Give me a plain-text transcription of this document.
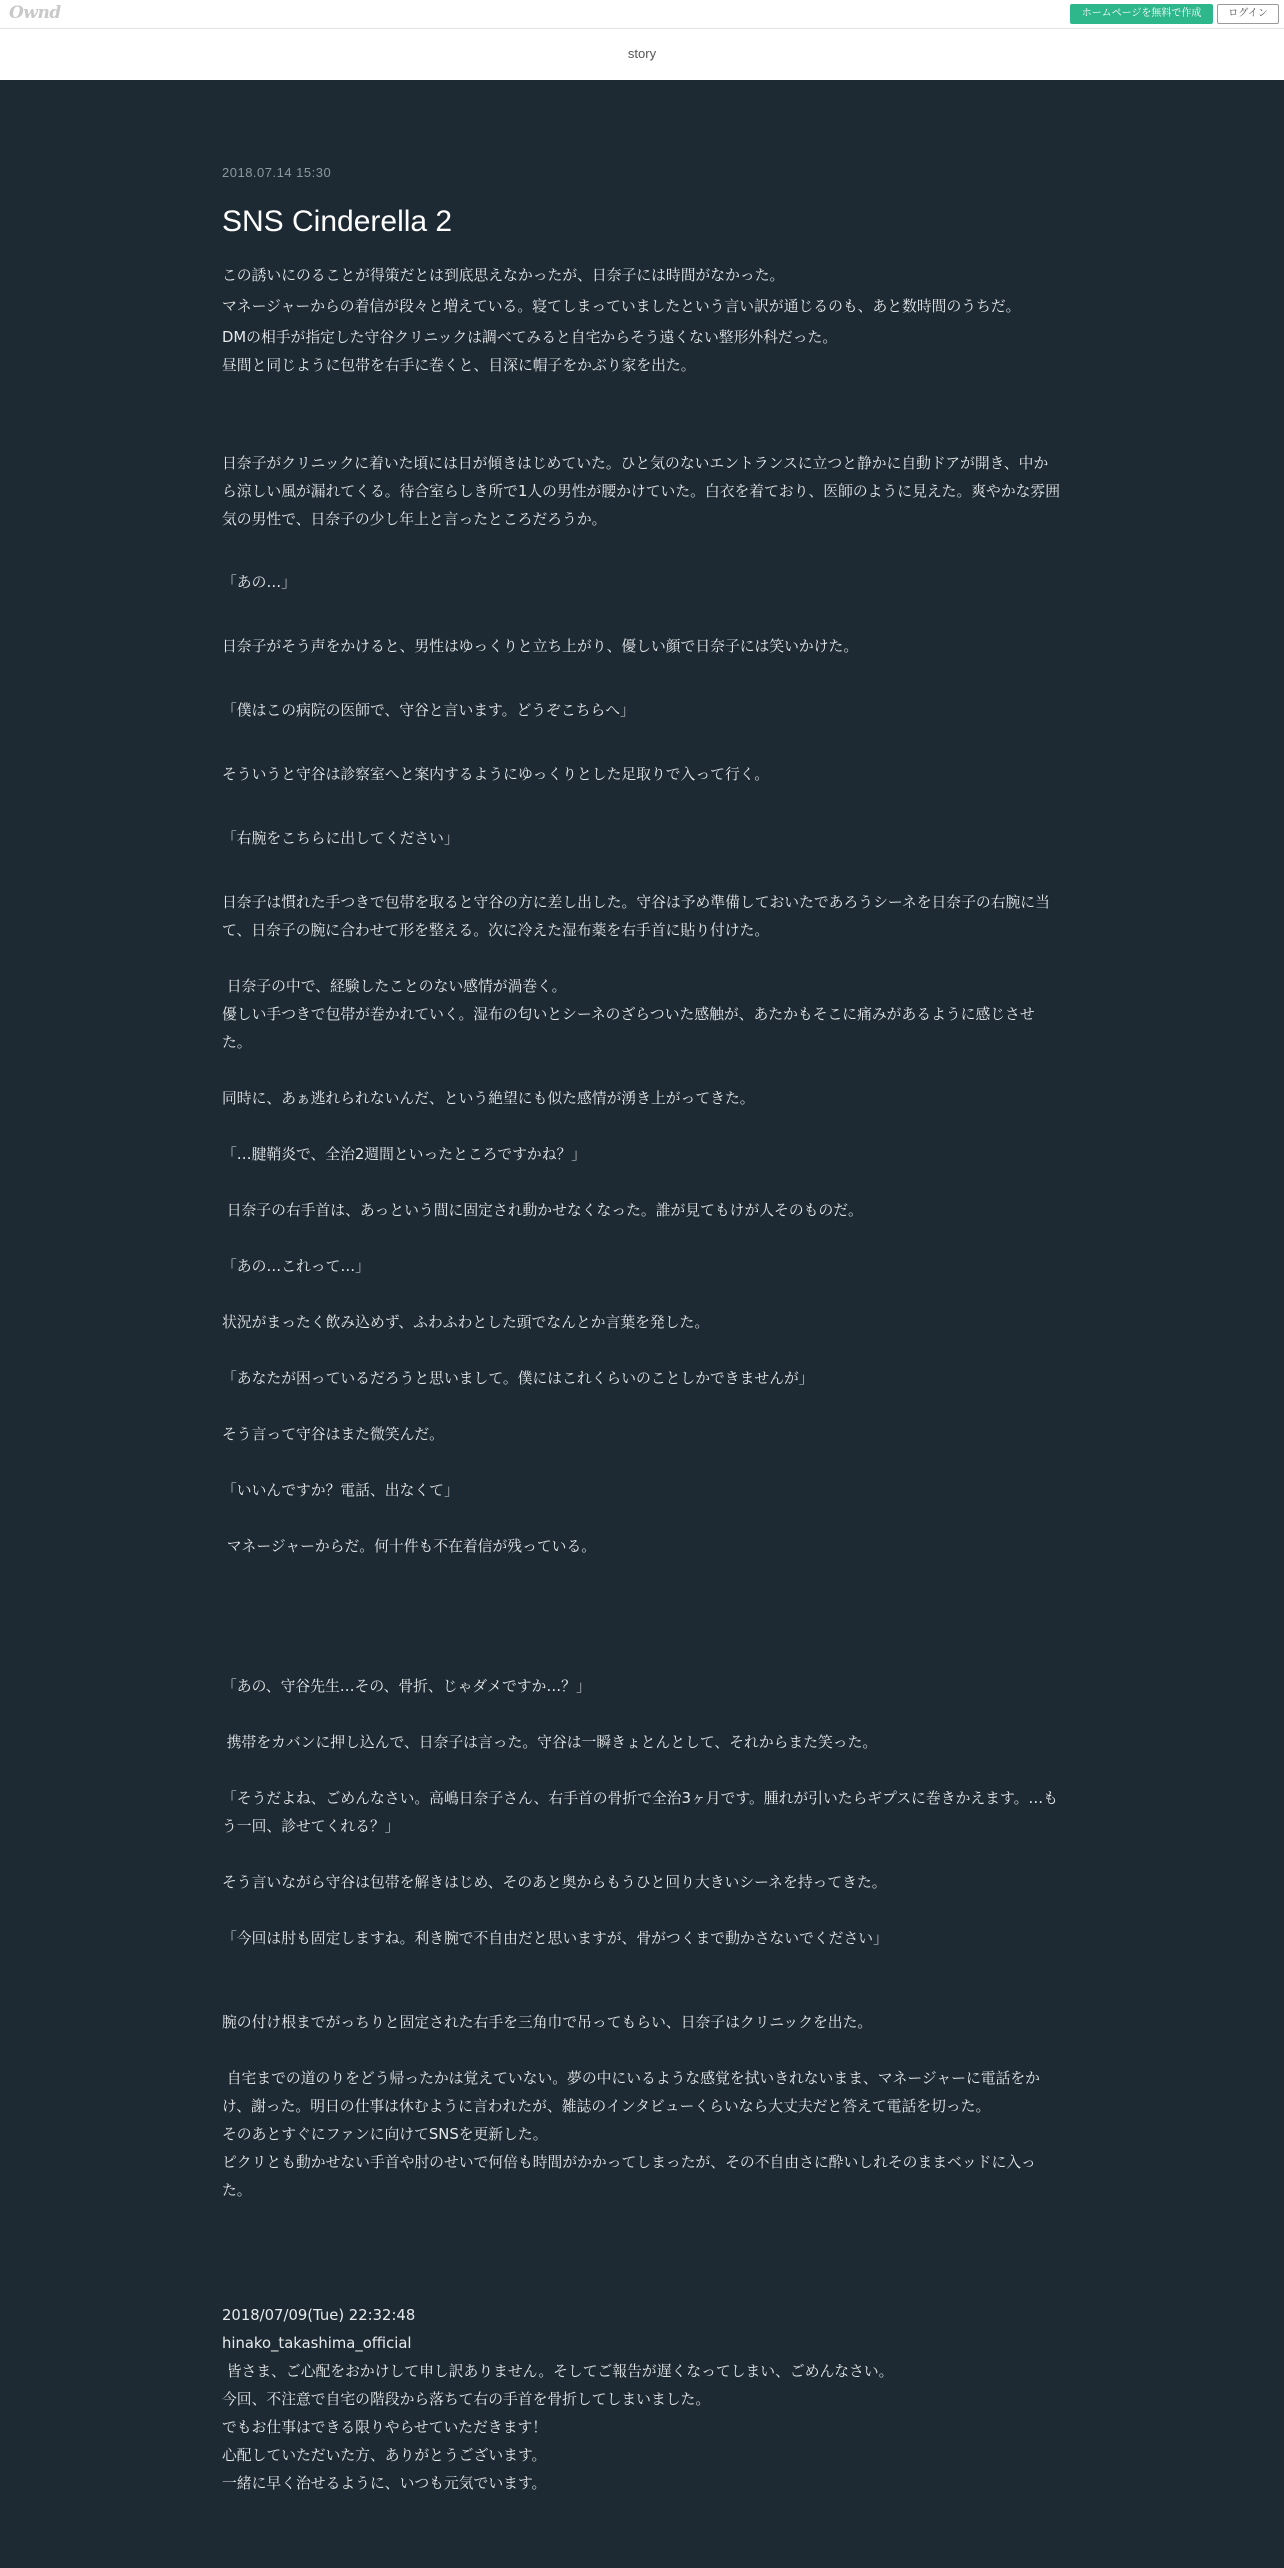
Ownd	ホームページを無料で作成	ログイン
story
2018.07.14 15:30
SNS Cinderella 2

この誘いにのることが得策だとは到底思えなかったが、日奈子には時間がなかった。

マネージャーからの着信が段々と増えている。寝てしまっていましたという言い訳が通じるのも、あと数時間のうちだ。

DMの相手が指定した守谷クリニックは調べてみると自宅からそう遠くない整形外科だった。
昼間と同じように包帯を右手に巻くと、目深に帽子をかぶり家を出た。

日奈子がクリニックに着いた頃には日が傾きはじめていた。ひと気のないエントランスに立つと静かに自動ドアが開き、中から涼しい風が漏れてくる。待合室らしき所で1人の男性が腰かけていた。白衣を着ており、医師のように見えた。爽やかな雰囲気の男性で、日奈子の少し年上と言ったところだろうか。

「あの…」

日奈子がそう声をかけると、男性はゆっくりと立ち上がり、優しい顔で日奈子には笑いかけた。

「僕はこの病院の医師で、守谷と言います。どうぞこちらへ」

そういうと守谷は診察室へと案内するようにゆっくりとした足取りで入って行く。

「右腕をこちらに出してください」

日奈子は慣れた手つきで包帯を取ると守谷の方に差し出した。守谷は予め準備しておいたであろうシーネを日奈子の右腕に当て、日奈子の腕に合わせて形を整える。次に冷えた湿布薬を右手首に貼り付けた。

日奈子の中で、経験したことのない感情が渦巻く。
優しい手つきで包帯が巻かれていく。湿布の匂いとシーネのざらついた感触が、あたかもそこに痛みがあるように感じさせた。

同時に、あぁ逃れられないんだ、という絶望にも似た感情が湧き上がってきた。

「…腱鞘炎で、全治2週間といったところですかね？」

日奈子の右手首は、あっという間に固定され動かせなくなった。誰が見てもけが人そのものだ。

「あの…これって…」

状況がまったく飲み込めず、ふわふわとした頭でなんとか言葉を発した。

「あなたが困っているだろうと思いまして。僕にはこれくらいのことしかできませんが」

そう言って守谷はまた微笑んだ。

「いいんですか？電話、出なくて」

マネージャーからだ。何十件も不在着信が残っている。

「あの、守谷先生…その、骨折、じゃダメですか…？」

携帯をカバンに押し込んで、日奈子は言った。守谷は一瞬きょとんとして、それからまた笑った。

「そうだよね、ごめんなさい。高嶋日奈子さん、右手首の骨折で全治3ヶ月です。腫れが引いたらギプスに巻きかえます。…もう一回、診せてくれる？」

そう言いながら守谷は包帯を解きはじめ、そのあと奥からもうひと回り大きいシーネを持ってきた。

「今回は肘も固定しますね。利き腕で不自由だと思いますが、骨がつくまで動かさないでください」

腕の付け根までがっちりと固定された右手を三角巾で吊ってもらい、日奈子はクリニックを出た。

自宅までの道のりをどう帰ったかは覚えていない。夢の中にいるような感覚を拭いきれないまま、マネージャーに電話をかけ、謝った。明日の仕事は休むように言われたが、雑誌のインタビューくらいなら大丈夫だと答えて電話を切った。
そのあとすぐにファンに向けてSNSを更新した。
ピクリとも動かせない手首や肘のせいで何倍も時間がかかってしまったが、その不自由さに酔いしれそのままベッドに入った。

2018/07/09(Tue) 22:32:48
hinako_takashima_official
皆さま、ご心配をおかけして申し訳ありません。そしてご報告が遅くなってしまい、ごめんなさい。
今回、不注意で自宅の階段から落ちて右の手首を骨折してしまいました。
でもお仕事はできる限りやらせていただきます！
心配していただいた方、ありがとうございます。
一緒に早く治せるように、いつも元気でいます。
